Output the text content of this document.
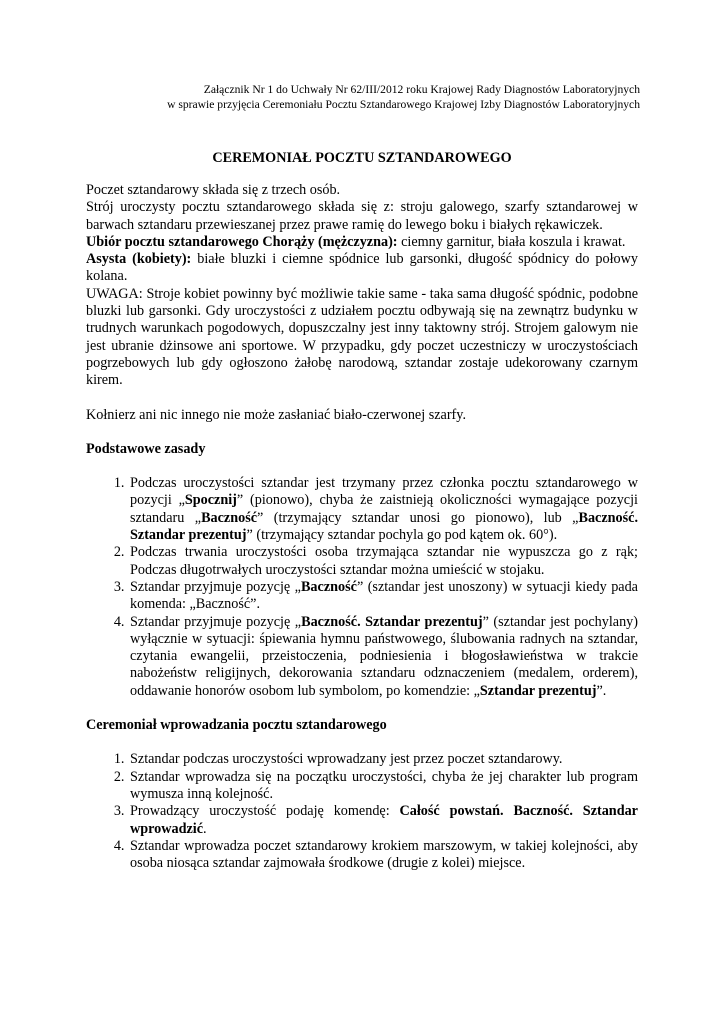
Załącznik Nr 1 do Uchwały Nr 62/III/2012 roku Krajowej Rady Diagnostów Laboratoryjnych
w sprawie przyjęcia Ceremoniału Pocztu Sztandarowego Krajowej Izby Diagnostów Laboratoryjnych
CEREMONIAŁ POCZTU SZTANDAROWEGO

Poczet sztandarowy składa się z trzech osób.

Strój uroczysty pocztu sztandarowego składa się z: stroju galowego, szarfy sztandarowej w barwach sztandaru przewieszanej przez prawe ramię do lewego boku i białych rękawiczek.

Ubiór pocztu sztandarowego Chorąży (mężczyzna): ciemny garnitur, biała koszula i krawat.

Asysta (kobiety): białe bluzki i ciemne spódnice lub garsonki, długość spódnicy do połowy kolana.

UWAGA: Stroje kobiet powinny być możliwie takie same - taka sama długość spódnic, podobne bluzki lub garsonki. Gdy uroczystości z udziałem pocztu odbywają się na zewnątrz budynku w trudnych warunkach pogodowych, dopuszczalny jest inny taktowny strój. Strojem galowym nie jest ubranie dżinsowe ani sportowe. W przypadku, gdy poczet uczestniczy w uroczystościach pogrzebowych lub gdy ogłoszono żałobę narodową, sztandar zostaje udekorowany czarnym kirem.

Kołnierz ani nic innego nie może zasłaniać biało-czerwonej szarfy.

Podstawowe zasady

1. Podczas uroczystości sztandar jest trzymany przez członka pocztu sztandarowego w pozycji „Spocznij” (pionowo), chyba że zaistnieją okoliczności wymagające pozycji sztandaru „Baczność” (trzymający sztandar unosi go pionowo), lub „Baczność. Sztandar prezentuj” (trzymający sztandar pochyla go pod kątem ok. 60°).
2. Podczas trwania uroczystości osoba trzymająca sztandar nie wypuszcza go z rąk; Podczas długotrwałych uroczystości sztandar można umieścić w stojaku.
3. Sztandar przyjmuje pozycję „Baczność” (sztandar jest unoszony) w sytuacji kiedy pada komenda: „Baczność”.
4. Sztandar przyjmuje pozycję „Baczność. Sztandar prezentuj” (sztandar jest pochylany) wyłącznie w sytuacji: śpiewania hymnu państwowego, ślubowania radnych na sztandar, czytania ewangelii, przeistoczenia, podniesienia i błogosławieństwa w trakcie nabożeństw religijnych, dekorowania sztandaru odznaczeniem (medalem, orderem), oddawanie honorów osobom lub symbolom, po komendzie: „Sztandar prezentuj”.

Ceremoniał wprowadzania pocztu sztandarowego

1. Sztandar podczas uroczystości wprowadzany jest przez poczet sztandarowy.
2. Sztandar wprowadza się na początku uroczystości, chyba że jej charakter lub program wymusza inną kolejność.
3. Prowadzący uroczystość podaję komendę: Całość powstań. Baczność. Sztandar wprowadzić.
4. Sztandar wprowadza poczet sztandarowy krokiem marszowym, w takiej kolejności, aby osoba niosąca sztandar zajmowała środkowe (drugie z kolei) miejsce.
